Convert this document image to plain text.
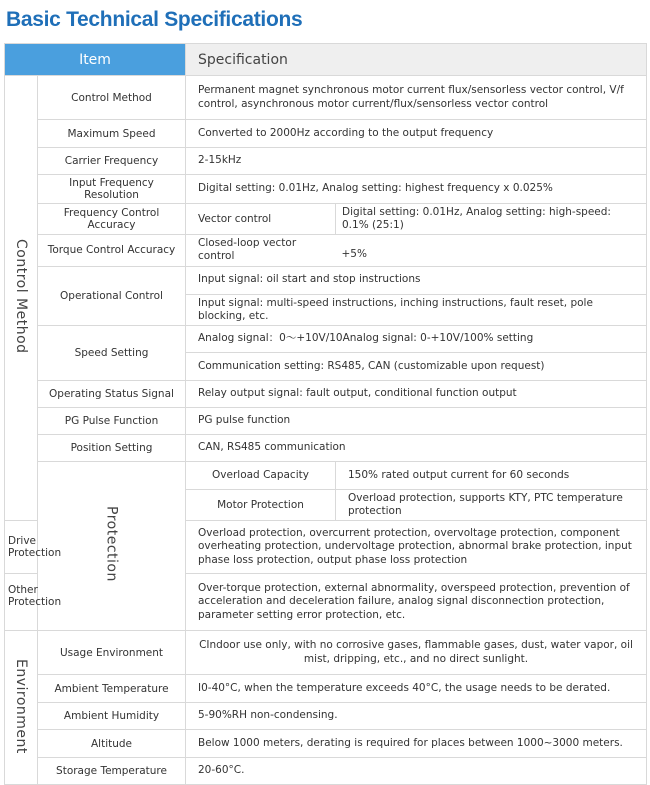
Basic Technical Specifications
Item		Specification	
Control Method	Control Method	Permanent magnet synchronous motor current flux/sensorless vector control, V/f control, asynchronous motor current/flux/sensorless vector control	
	Maximum Speed	Converted to 2000Hz according to the output frequency	
	Carrier Frequency	2-15kHz	
	Input Frequency Resolution	Digital setting: 0.01Hz, Analog setting: highest frequency x 0.025%	
	Frequency Control Accuracy	Vector control	Digital setting: 0.01Hz, Analog setting: high-speed: 0.1% (25:1)
	Torque Control Accuracy	Closed-loop vector control	+5%
	Operational Control	Input signal: oil start and stop instructions	
		Input signal: multi-speed instructions, inching instructions, fault reset, pole blocking, etc.	
	Speed Setting	Analog signal：0～+10V/10Analog signal: 0-+10V/100% setting	
		Communication setting: RS485, CAN (customizable upon request)	
	Operating Status Signal	Relay output signal: fault output, conditional function output	
	PG Pulse Function	PG pulse function	
	Position Setting	CAN, RS485 communication	
	Protection	Overload Capacity	150% rated output current for 60 seconds
		Motor Protection	Overload protection, supports KTY, PTC temperature protection
Drive Protection		Overload protection, overcurrent protection, overvoltage protection, component overheating protection, undervoltage protection, abnormal brake protection, input phase loss protection, output phase loss protection	
Other Protection		Over-torque protection, external abnormality, overspeed protection, prevention of acceleration and deceleration failure, analog signal disconnection protection, parameter setting error protection, etc.	
Environment	Usage Environment	CIndoor use only, with no corrosive gases, flammable gases, dust, water vapor, oil mist, dripping, etc., and no direct sunlight.	
	Ambient Temperature	I0-40°C, when the temperature exceeds 40°C, the usage needs to be derated.	
	Ambient Humidity	5-90%RH non-condensing.	
	Altitude	Below 1000 meters, derating is required for places between 1000~3000 meters.	
	Storage Temperature	20-60°C.	
